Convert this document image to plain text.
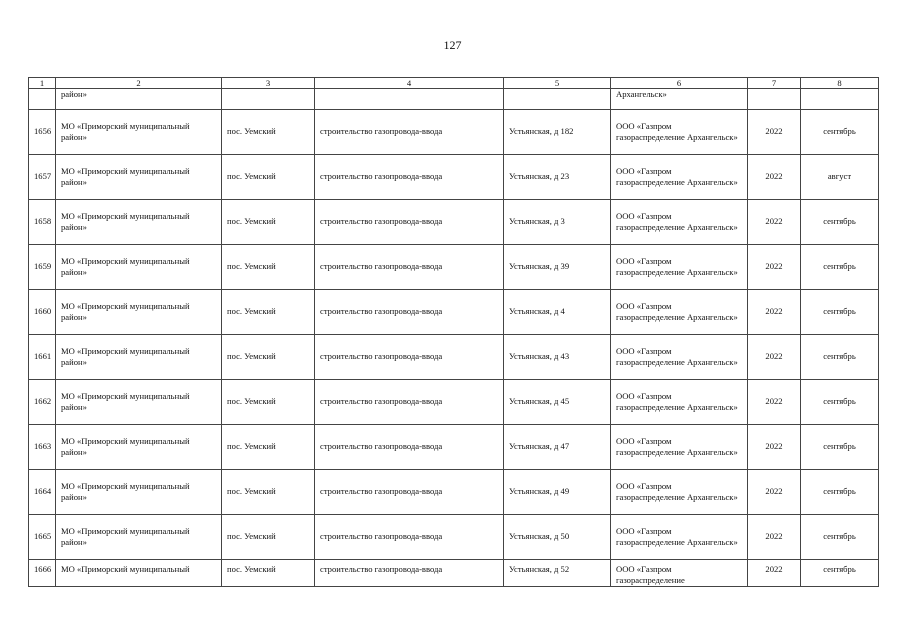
127
1	2	3	4	5	6	7	8
	район»				Архангельск»		
1656	МО «Приморский муниципальный район»	пос. Уемский	строительство газопровода-ввода	Устьянская, д 182	ООО «Газпром газораспределение Архангельск»	2022	сентябрь
1657	МО «Приморский муниципальный район»	пос. Уемский	строительство газопровода-ввода	Устьянская, д 23	ООО «Газпром газораспределение Архангельск»	2022	август
1658	МО «Приморский муниципальный район»	пос. Уемский	строительство газопровода-ввода	Устьянская, д 3	ООО «Газпром газораспределение Архангельск»	2022	сентябрь
1659	МО «Приморский муниципальный район»	пос. Уемский	строительство газопровода-ввода	Устьянская, д 39	ООО «Газпром газораспределение Архангельск»	2022	сентябрь
1660	МО «Приморский муниципальный район»	пос. Уемский	строительство газопровода-ввода	Устьянская, д 4	ООО «Газпром газораспределение Архангельск»	2022	сентябрь
1661	МО «Приморский муниципальный район»	пос. Уемский	строительство газопровода-ввода	Устьянская, д 43	ООО «Газпром газораспределение Архангельск»	2022	сентябрь
1662	МО «Приморский муниципальный район»	пос. Уемский	строительство газопровода-ввода	Устьянская, д 45	ООО «Газпром газораспределение Архангельск»	2022	сентябрь
1663	МО «Приморский муниципальный район»	пос. Уемский	строительство газопровода-ввода	Устьянская, д 47	ООО «Газпром газораспределение Архангельск»	2022	сентябрь
1664	МО «Приморский муниципальный район»	пос. Уемский	строительство газопровода-ввода	Устьянская, д 49	ООО «Газпром газораспределение Архангельск»	2022	сентябрь
1665	МО «Приморский муниципальный район»	пос. Уемский	строительство газопровода-ввода	Устьянская, д 50	ООО «Газпром газораспределение Архангельск»	2022	сентябрь
1666	МО «Приморский муниципальный	пос. Уемский	строительство газопровода-ввода	Устьянская, д 52	ООО «Газпром газораспределение	2022	сентябрь
